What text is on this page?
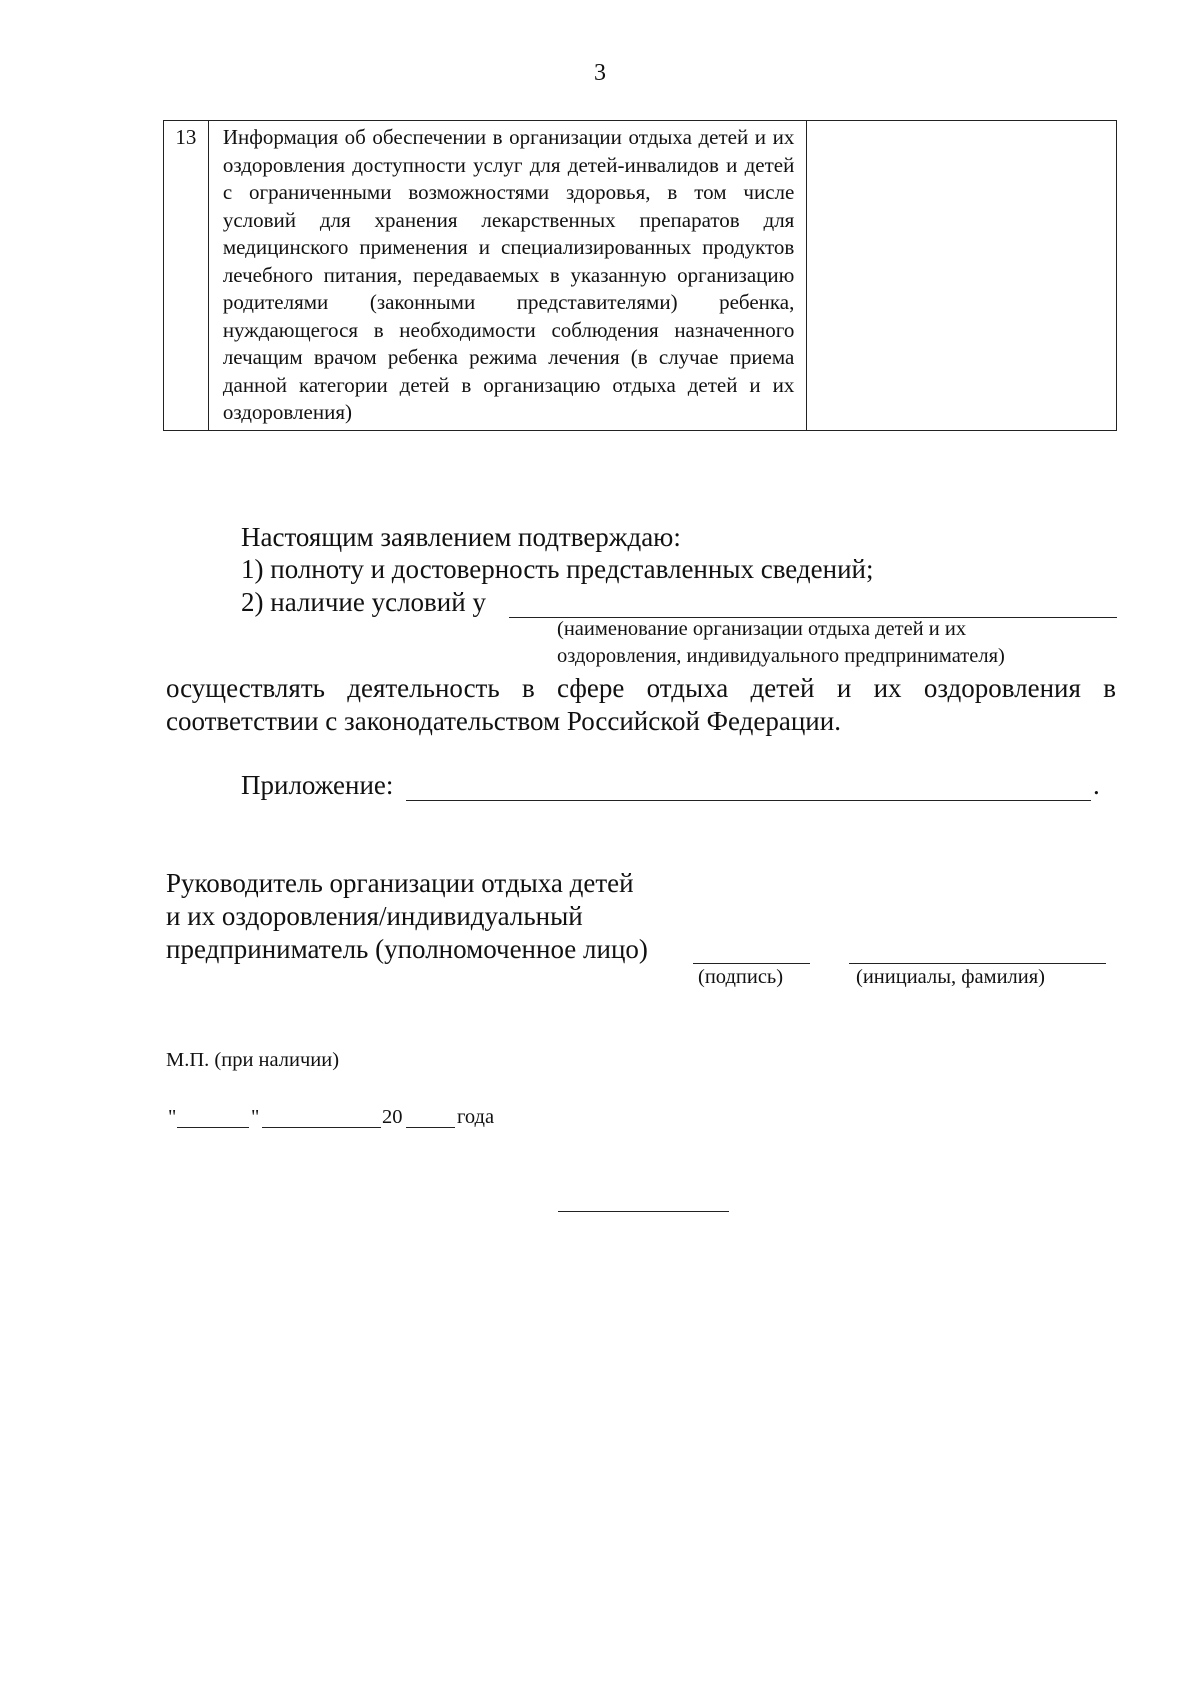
3
13	Информация об обеспечении в организации отдыха детей и их оздоровления доступности услуг для детей-инвалидов и детей с ограниченными возможностями здоровья, в том числе условий для хранения лекарственных препаратов для медицинского применения и специализированных продуктов лечебного питания, передаваемых в указанную организацию родителями (законными представителями) ребенка, нуждающегося в необходимости соблюдения назначенного лечащим врачом ребенка режима лечения (в случае приема данной категории детей в организацию отдыха детей и их оздоровления)	
Настоящим заявлением подтверждаю:
1) полноту и достоверность представленных сведений;
2) наличие условий у
(наименование организации отдыха детей и их
оздоровления, индивидуального предпринимателя)
осуществлять деятельность в сфере отдыха детей и их оздоровления в соответствии с законодательством Российской Федерации.
Приложение:	.
Руководитель организации отдыха детей
и их оздоровления/индивидуальный
предприниматель (уполномоченное лицо)
(подпись)	(инициалы, фамилия)
М.П. (при наличии)
"	"	20	года
